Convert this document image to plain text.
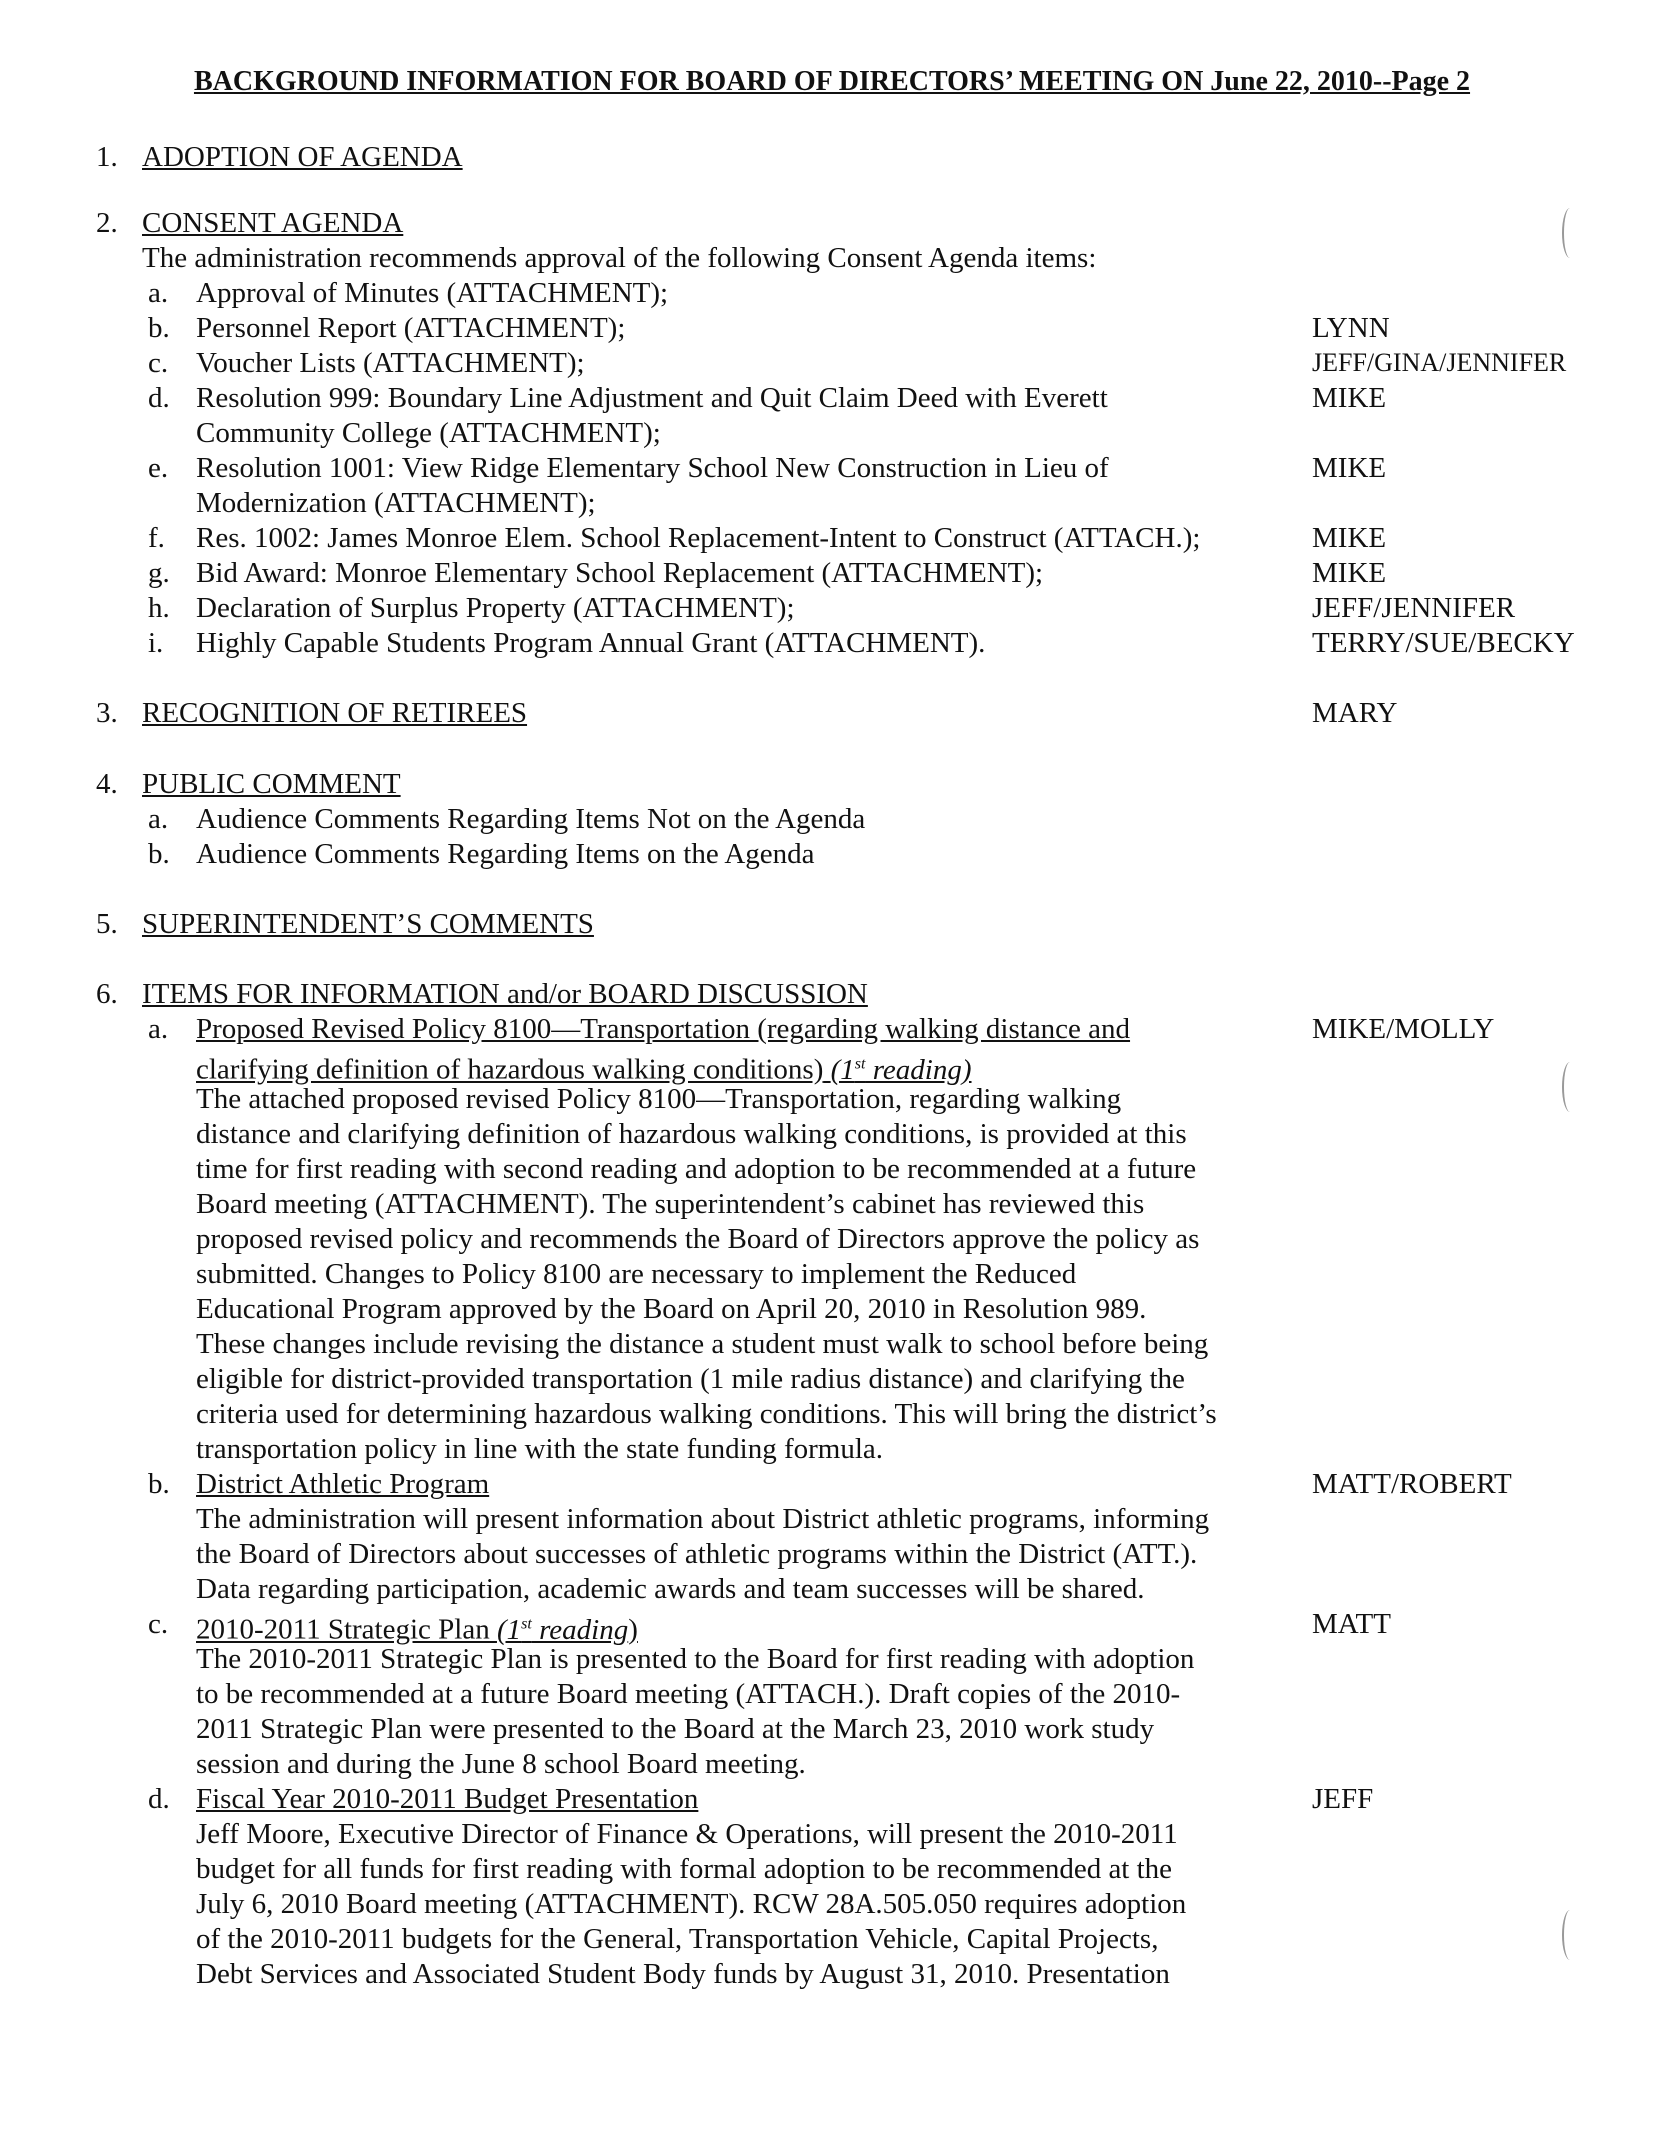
BACKGROUND INFORMATION FOR BOARD OF DIRECTORS’ MEETING ON June 22, 2010--Page 2
1. ADOPTION OF AGENDA
2. CONSENT AGENDA
The administration recommends approval of the following Consent Agenda items:
a. Approval of Minutes (ATTACHMENT);
b. Personnel Report (ATTACHMENT);	LYNN
c. Voucher Lists (ATTACHMENT);	JEFF/GINA/JENNIFER
d. Resolution 999: Boundary Line Adjustment and Quit Claim Deed with Everett	MIKE
Community College (ATTACHMENT);
e. Resolution 1001: View Ridge Elementary School New Construction in Lieu of	MIKE
Modernization (ATTACHMENT);
f. Res. 1002: James Monroe Elem. School Replacement-Intent to Construct (ATTACH.);	MIKE
g. Bid Award: Monroe Elementary School Replacement (ATTACHMENT);	MIKE
h. Declaration of Surplus Property (ATTACHMENT);	JEFF/JENNIFER
i. Highly Capable Students Program Annual Grant (ATTACHMENT).	TERRY/SUE/BECKY
3. RECOGNITION OF RETIREES	MARY
4. PUBLIC COMMENT
a. Audience Comments Regarding Items Not on the Agenda
b. Audience Comments Regarding Items on the Agenda
5. SUPERINTENDENT’S COMMENTS
6. ITEMS FOR INFORMATION and/or BOARD DISCUSSION
a. Proposed Revised Policy 8100—Transportation (regarding walking distance and	MIKE/MOLLY
clarifying definition of hazardous walking conditions) (1st reading)
The attached proposed revised Policy 8100—Transportation, regarding walking
distance and clarifying definition of hazardous walking conditions, is provided at this
time for first reading with second reading and adoption to be recommended at a future
Board meeting (ATTACHMENT). The superintendent’s cabinet has reviewed this
proposed revised policy and recommends the Board of Directors approve the policy as
submitted. Changes to Policy 8100 are necessary to implement the Reduced
Educational Program approved by the Board on April 20, 2010 in Resolution 989.
These changes include revising the distance a student must walk to school before being
eligible for district-provided transportation (1 mile radius distance) and clarifying the
criteria used for determining hazardous walking conditions. This will bring the district’s
transportation policy in line with the state funding formula.
b. District Athletic Program	MATT/ROBERT
The administration will present information about District athletic programs, informing
the Board of Directors about successes of athletic programs within the District (ATT.).
Data regarding participation, academic awards and team successes will be shared.
c. 2010-2011 Strategic Plan (1st reading)	MATT
The 2010-2011 Strategic Plan is presented to the Board for first reading with adoption
to be recommended at a future Board meeting (ATTACH.). Draft copies of the 2010-
2011 Strategic Plan were presented to the Board at the March 23, 2010 work study
session and during the June 8 school Board meeting.
d. Fiscal Year 2010-2011 Budget Presentation	JEFF
Jeff Moore, Executive Director of Finance & Operations, will present the 2010-2011
budget for all funds for first reading with formal adoption to be recommended at the
July 6, 2010 Board meeting (ATTACHMENT). RCW 28A.505.050 requires adoption
of the 2010-2011 budgets for the General, Transportation Vehicle, Capital Projects,
Debt Services and Associated Student Body funds by August 31, 2010. Presentation
